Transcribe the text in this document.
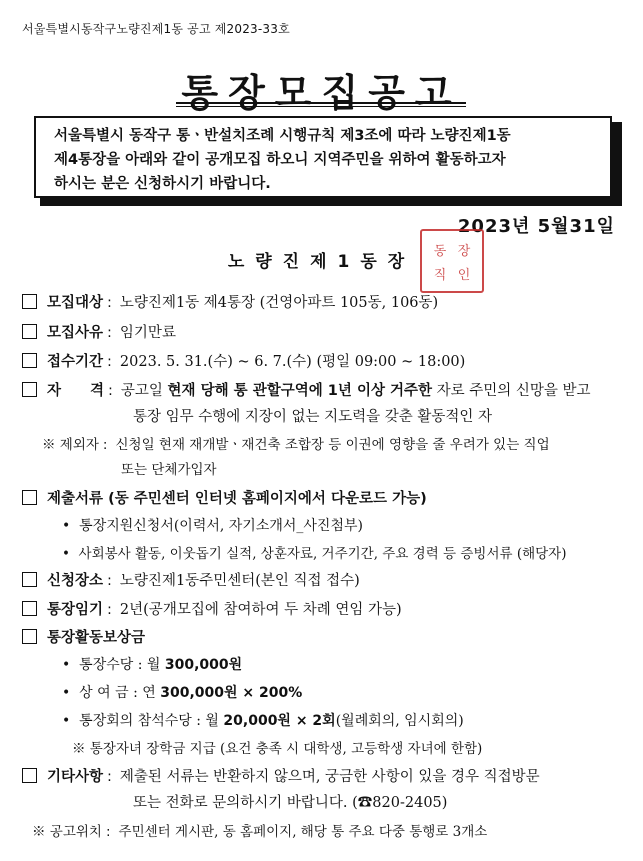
서울특별시동작구노량진제1동 공고 제2023-33호
통장모집공고
서울특별시 동작구 통ㆍ반설치조례 시행규칙 제3조에 따라 노량진제1동
제4통장을 아래와 같이 공개모집 하오니 지역주민을 위하여 활동하고자
하시는 분은 신청하시기 바랍니다.
2023년 5월31일
동 장
직 인
노량진제1동장
모집대상 : 노량진제1동 제4통장 (건영아파트 105동, 106동)
모집사유 : 임기만료
접수기간 : 2023. 5. 31.(수) ~ 6. 7.(수) (평일 09:00 ~ 18:00)
자　　격 : 공고일 현재 당해 통 관할구역에 1년 이상 거주한 자로 주민의 신망을 받고
통장 임무 수행에 지장이 없는 지도력을 갖춘 활동적인 자
※ 제외자 : 신청일 현재 재개발ㆍ재건축 조합장 등 이권에 영향을 줄 우려가 있는 직업
또는 단체가입자
제출서류 (동 주민센터 인터넷 홈페이지에서 다운로드 가능)
•  통장지원신청서(이력서, 자기소개서_사진첨부)
•  사회봉사 활동, 이웃돕기 실적, 상훈자료, 거주기간, 주요 경력 등 증빙서류 (해당자)
신청장소 : 노량진제1동주민센터(본인 직접 접수)
통장임기 : 2년(공개모집에 참여하여 두 차례 연임 가능)
통장활동보상금
•  통장수당 : 월 300,000원
•  상 여 금 : 연 300,000원 × 200%
•  통장회의 참석수당 : 월 20,000원 × 2회(월례회의, 임시회의)
※ 통장자녀 장학금 지급 (요건 충족 시 대학생, 고등학생 자녀에 한함)
기타사항 : 제출된 서류는 반환하지 않으며, 궁금한 사항이 있을 경우 직접방문
또는 전화로 문의하시기 바랍니다. (☎820-2405)
※ 공고위치 : 주민센터 게시판, 동 홈페이지, 해당 통 주요 다중 통행로 3개소
